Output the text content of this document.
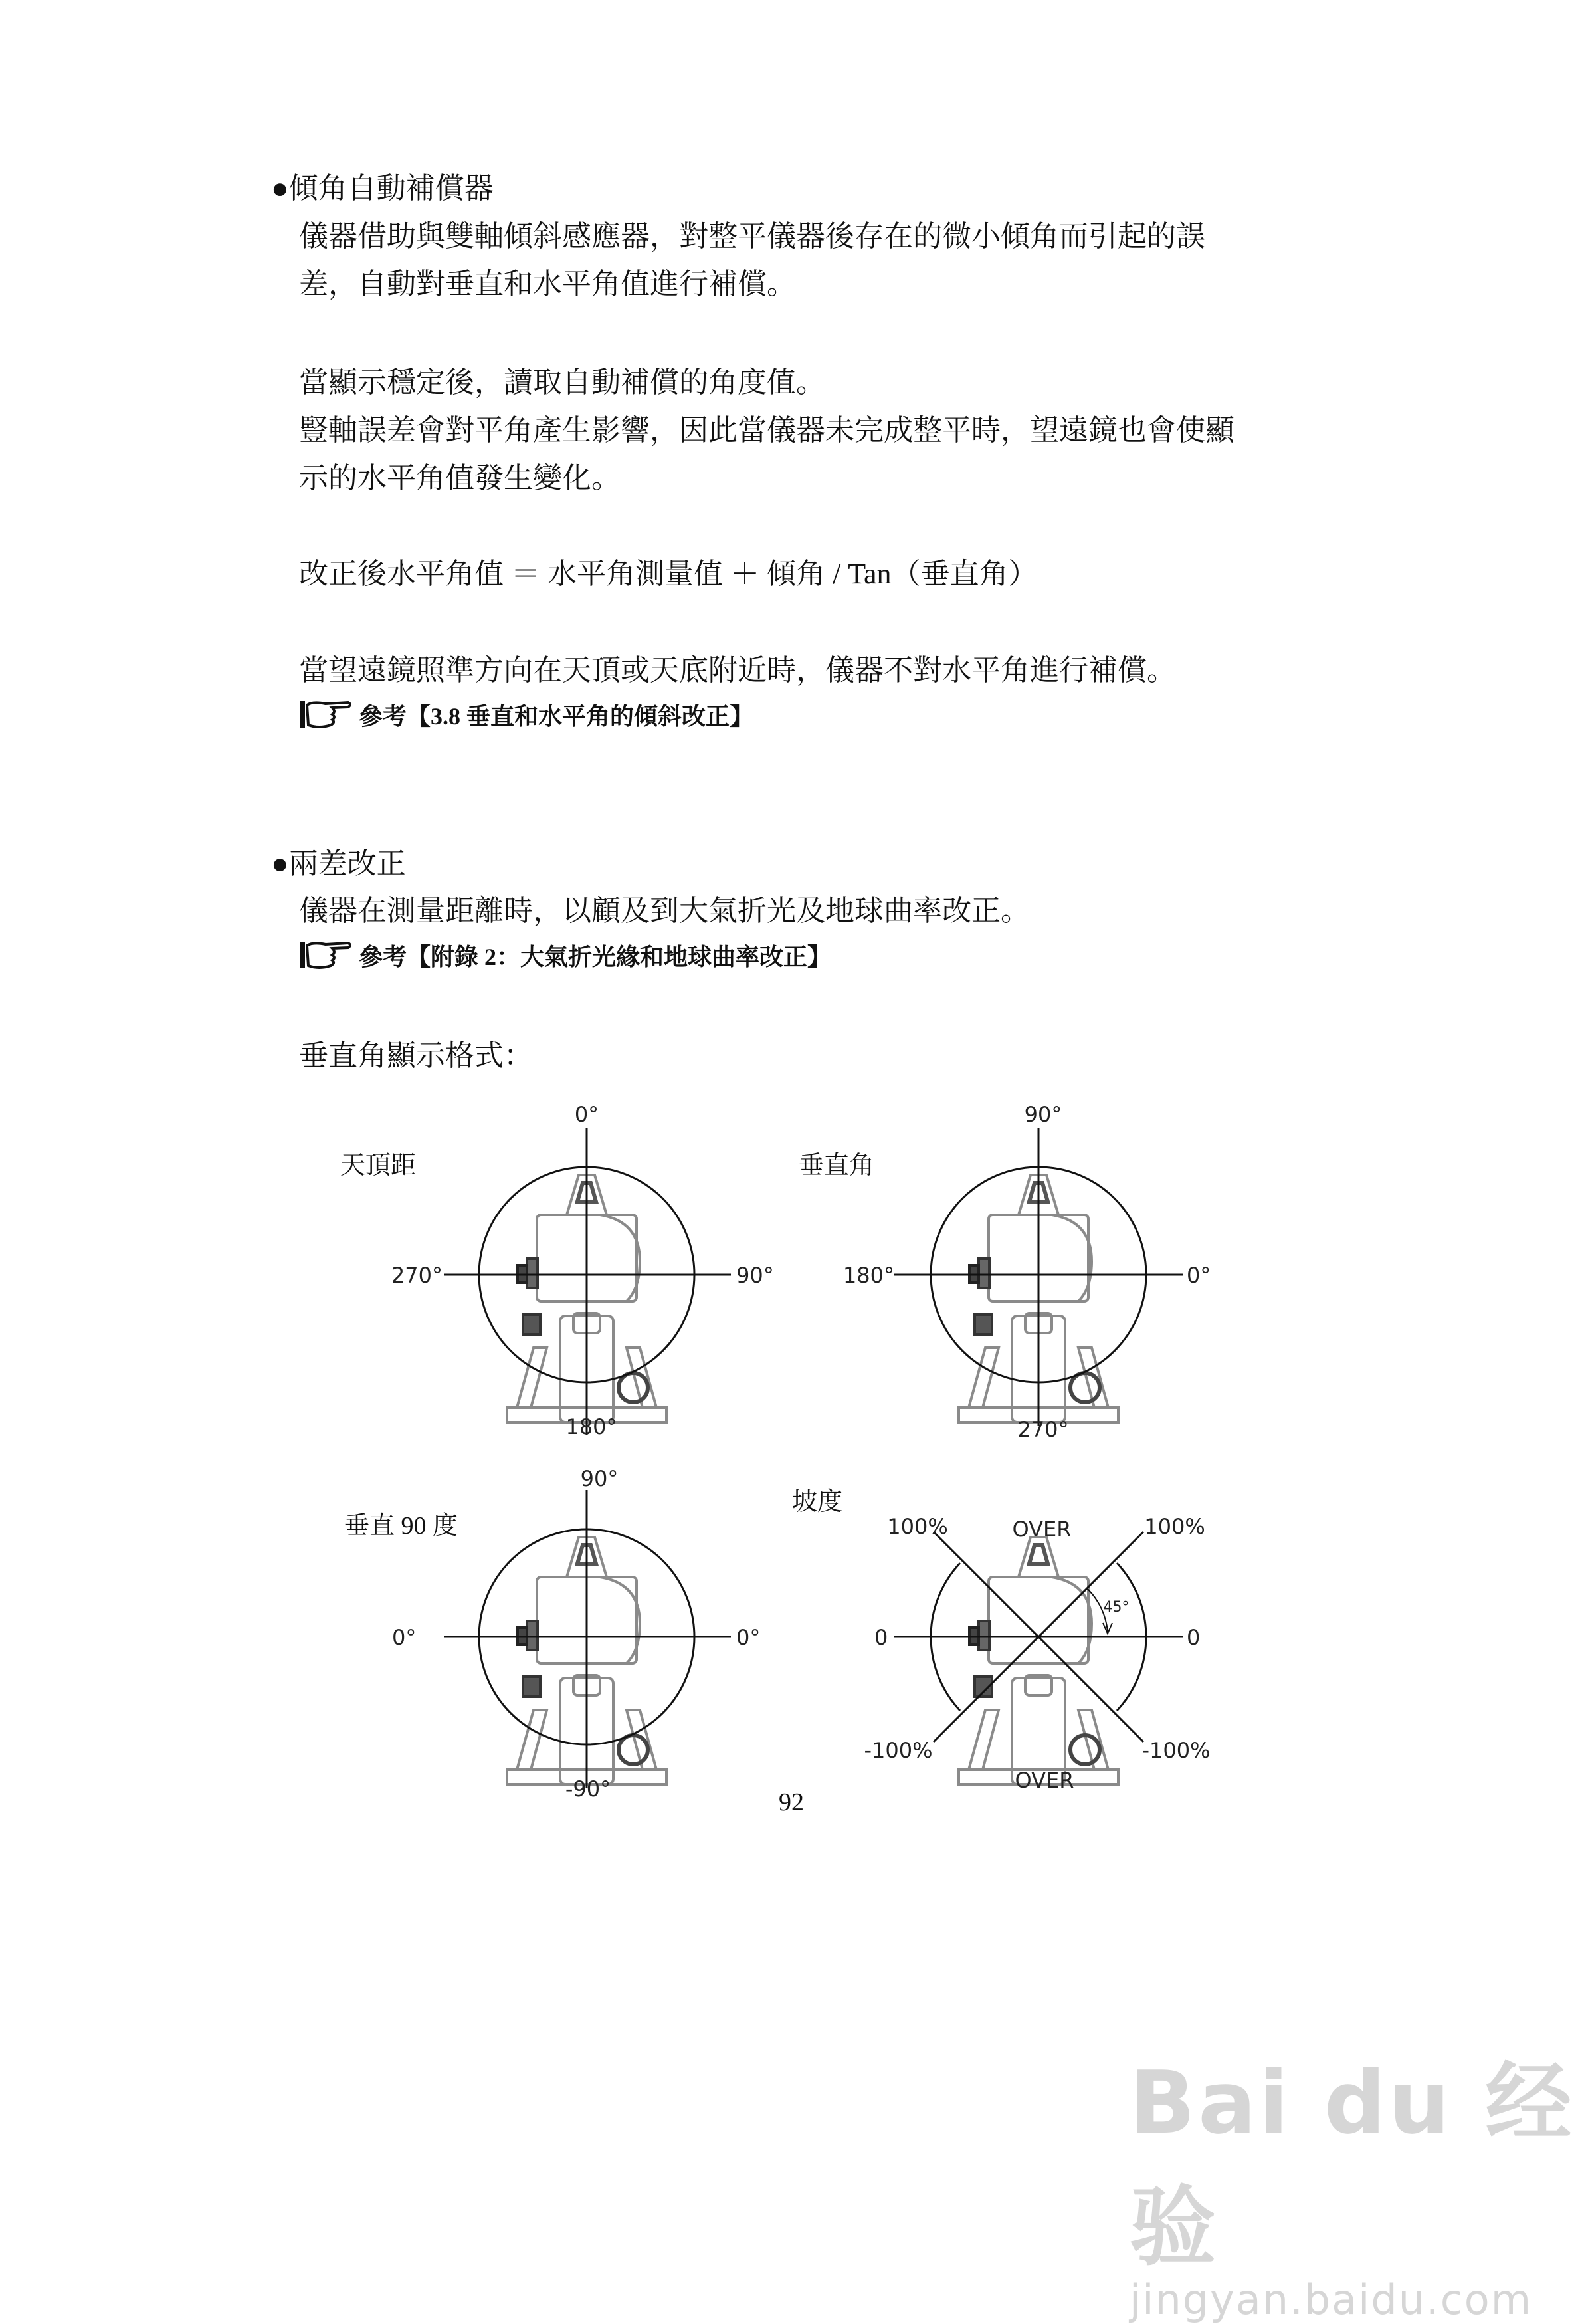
●傾角自動補償器
儀器借助與雙軸傾斜感應器，對整平儀器後存在的微小傾角而引起的誤
差，自動對垂直和水平角值進行補償。
當顯示穩定後，讀取自動補償的角度值。
豎軸誤差會對平角產生影響，因此當儀器未完成整平時，望遠鏡也會使顯
示的水平角值發生變化。
改正後水平角值 ＝ 水平角測量值 ＋ 傾角 / Tan（垂直角）
當望遠鏡照準方向在天頂或天底附近時，儀器不對水平角進行補償。
參考【3.8 垂直和水平角的傾斜改正】
●兩差改正
儀器在測量距離時，以顧及到大氣折光及地球曲率改正。
參考【附錄 2：大氣折光緣和地球曲率改正】
垂直角顯示格式：
天頂距
0°
90°
270°
180°
垂直角
90°
0°
180°
270°
垂直 90 度
90°
0°
0°
-90°
坡度
OVER
OVER
0	0
100%	100%
-100%	-100%
45°
92
Bai du 经验
jingyan.baidu.com
